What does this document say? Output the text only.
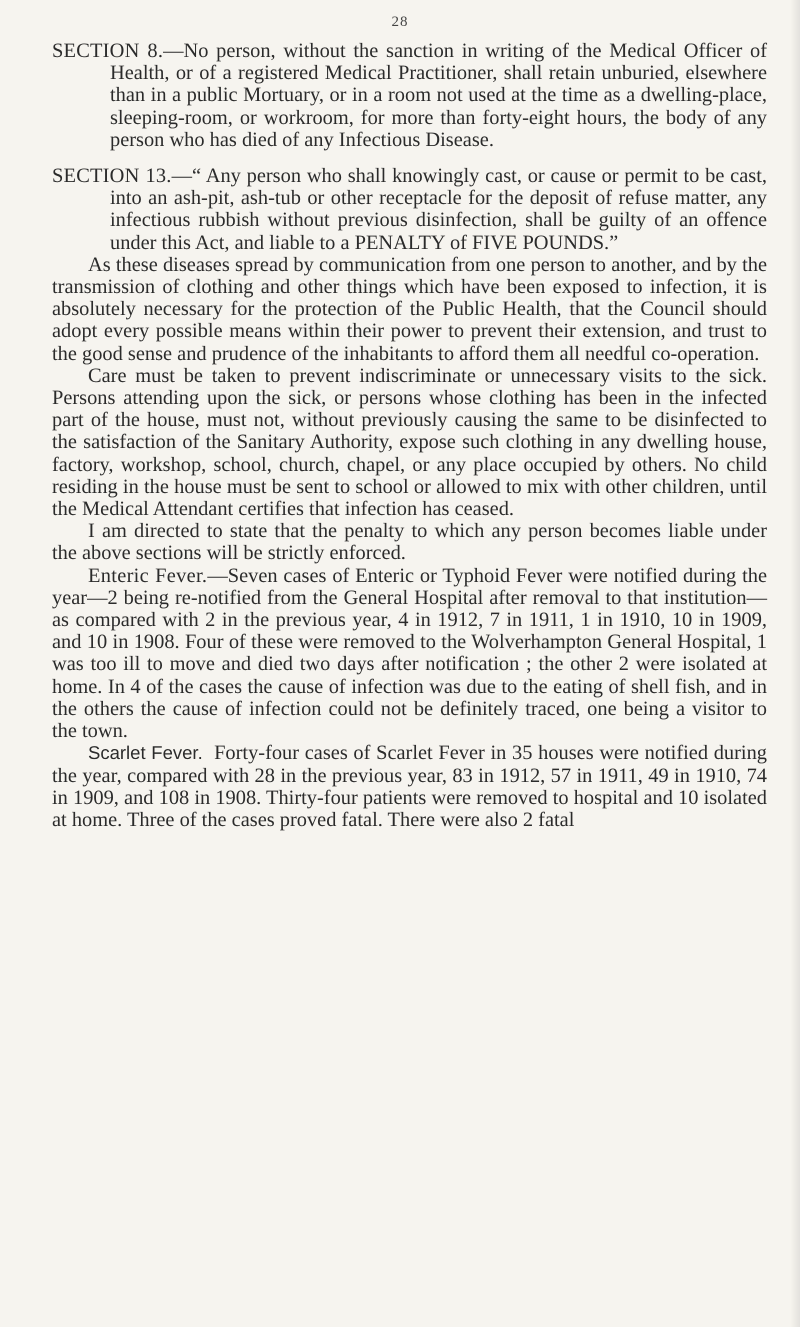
28

SECTION 8.—No person, without the sanction in writing of the Medical Officer of Health, or of a registered Medical Practitioner, shall retain unburied, elsewhere than in a public Mortuary, or in a room not used at the time as a dwelling-place, sleeping-room, or workroom, for more than forty-eight hours, the body of any person who has died of any Infectious Disease.

SECTION 13.—“ Any person who shall knowingly cast, or cause or permit to be cast, into an ash-pit, ash-tub or other receptacle for the deposit of refuse matter, any infectious rubbish without previous disinfection, shall be guilty of an offence under this Act, and liable to a PENALTY of FIVE POUNDS.”

As these diseases spread by communication from one person to another, and by the transmission of clothing and other things which have been exposed to infection, it is absolutely necessary for the protection of the Public Health, that the Council should adopt every possible means within their power to prevent their extension, and trust to the good sense and prudence of the inhabitants to afford them all needful co-operation.

Care must be taken to prevent indiscriminate or unnecessary visits to the sick. Persons attending upon the sick, or persons whose clothing has been in the infected part of the house, must not, without previously causing the same to be disinfected to the satisfaction of the Sanitary Authority, expose such clothing in any dwelling house, factory, workshop, school, church, chapel, or any place occupied by others. No child residing in the house must be sent to school or allowed to mix with other children, until the Medical Attendant certifies that infection has ceased.

I am directed to state that the penalty to which any person becomes liable under the above sections will be strictly enforced.

Enteric Fever.—Seven cases of Enteric or Typhoid Fever were notified during the year—2 being re-notified from the General Hospital after removal to that institution—as compared with 2 in the previous year, 4 in 1912, 7 in 1911, 1 in 1910, 10 in 1909, and 10 in 1908. Four of these were removed to the Wolverhampton General Hospital, 1 was too ill to move and died two days after notification ; the other 2 were isolated at home. In 4 of the cases the cause of infection was due to the eating of shell fish, and in the others the cause of infection could not be definitely traced, one being a visitor to the town.

Scarlet Fever. Forty-four cases of Scarlet Fever in 35 houses were notified during the year, compared with 28 in the previous year, 83 in 1912, 57 in 1911, 49 in 1910, 74 in 1909, and 108 in 1908. Thirty-four patients were removed to hospital and 10 isolated at home. Three of the cases proved fatal. There were also 2 fatal
